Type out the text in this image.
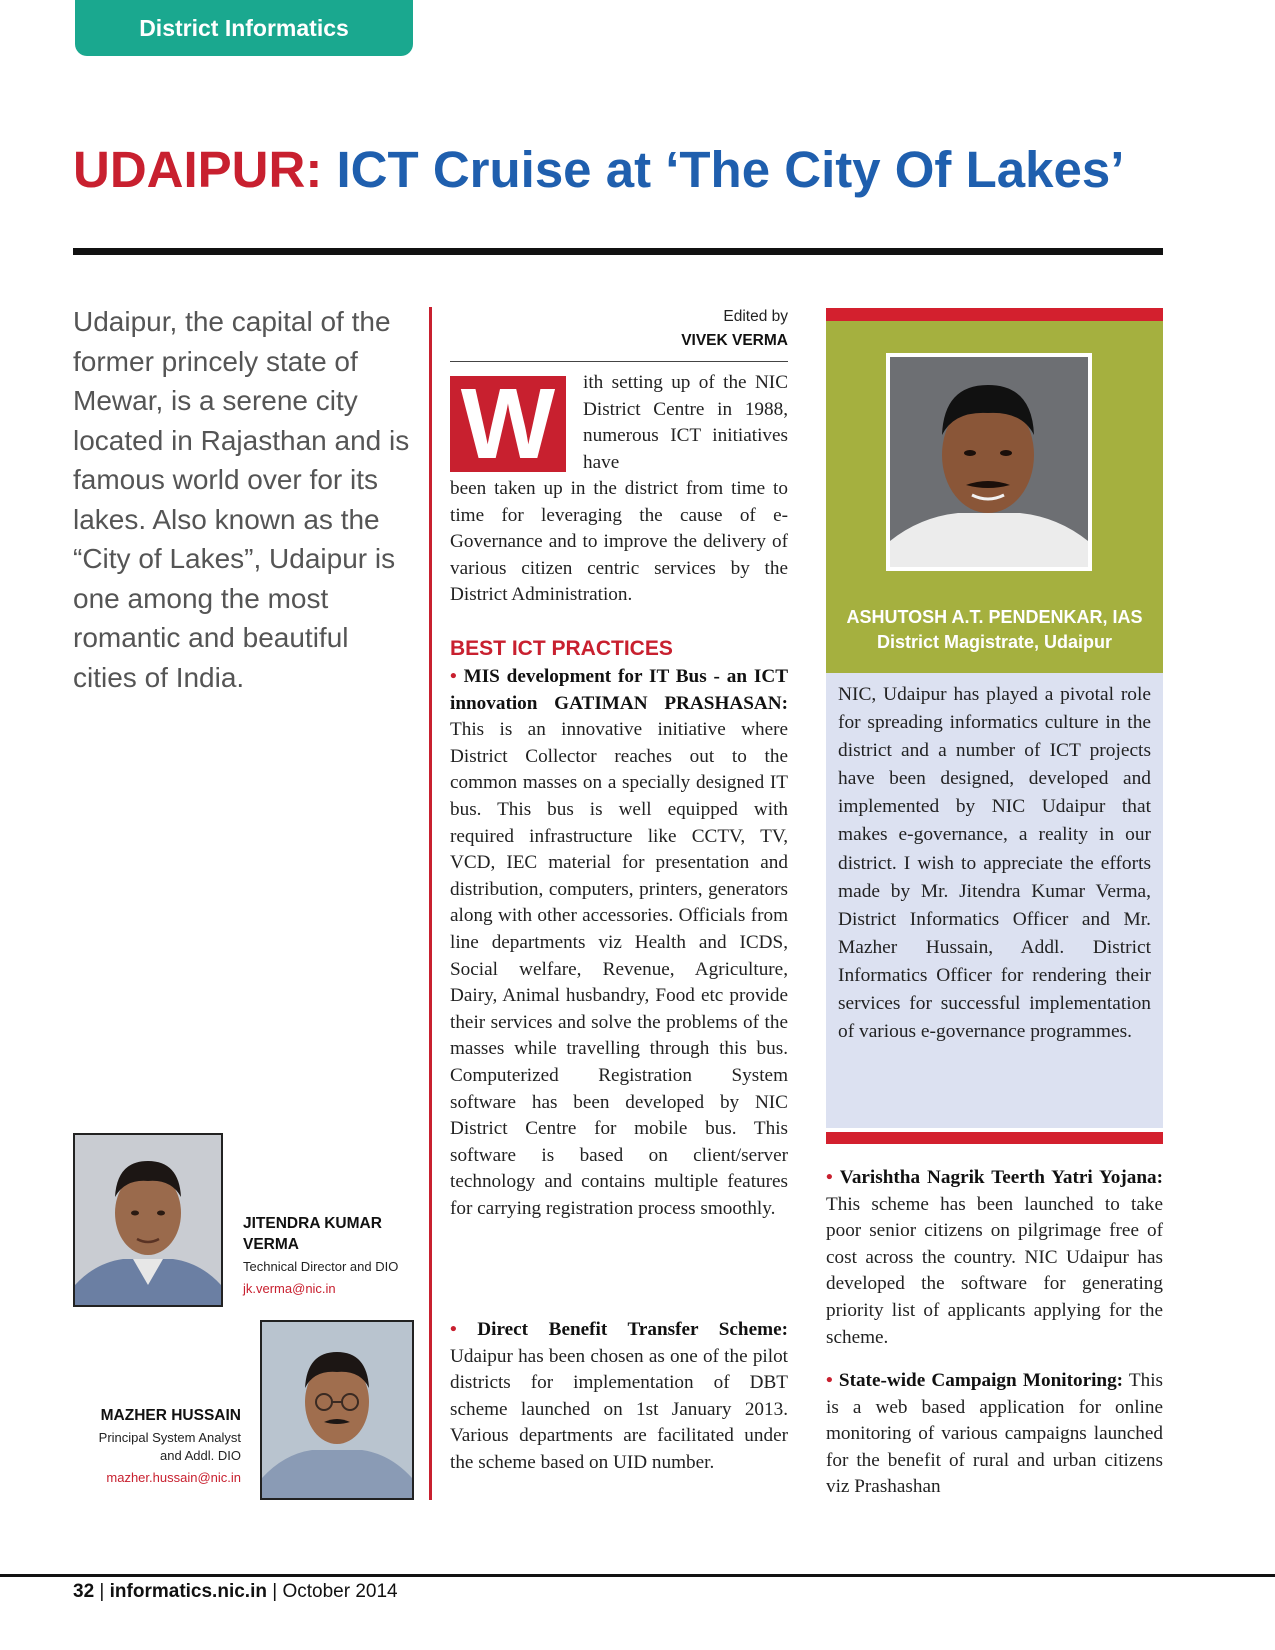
District Informatics
UDAIPUR: ICT Cruise at ‘The City Of Lakes’
Udaipur, the capital of the former princely state of Mewar, is a serene city located in Rajasthan and is famous world over for its lakes. Also known as the “City of Lakes”, Udaipur is one among the most romantic and beautiful cities of India.
JITENDRA KUMAR VERMA
Technical Director and DIO
jk.verma@nic.in
MAZHER HUSSAIN
Principal System Analyst
and Addl. DIO
mazher.hussain@nic.in
Edited by
VIVEK VERMA
W	ith setting up of the NIC District Centre in 1988, numerous ICT initiatives have
been taken up in the district from time to time for leveraging the cause of e-Governance and to improve the delivery of various citizen centric services by the District Administration.
BEST ICT PRACTICES
• MIS development for IT Bus - an ICT innovation GATIMAN PRASHASAN: This is an innovative initiative where District Collector reaches out to the common masses on a specially designed IT bus. This bus is well equipped with required infrastructure like CCTV, TV, VCD, IEC material for presentation and distribution, computers, printers, generators along with other accessories. Officials from line departments viz Health and ICDS, Social welfare, Revenue, Agriculture, Dairy, Animal husbandry, Food etc provide their services and solve the problems of the masses while travelling through this bus. Computerized Registration System software has been developed by NIC District Centre for mobile bus. This software is based on client/server technology and contains multiple features for carrying registration process smoothly.
• Direct Benefit Transfer Scheme: Udaipur has been chosen as one of the pilot districts for implementation of DBT scheme launched on 1st January 2013. Various departments are facilitated under the scheme based on UID number.
ASHUTOSH A.T. PENDENKAR, IAS
District Magistrate, Udaipur
NIC, Udaipur has played a pivotal role for spreading informatics culture in the district and a number of ICT projects have been designed, developed and implemented by NIC Udaipur that makes e-governance, a reality in our district. I wish to appreciate the efforts made by Mr. Jitendra Kumar Verma, District Informatics Officer and Mr. Mazher Hussain, Addl. District Informatics Officer for rendering their services for successful implementation of various e-governance programmes.
• Varishtha Nagrik Teerth Yatri Yojana: This scheme has been launched to take poor senior citizens on pilgrimage free of cost across the country. NIC Udaipur has developed the software for generating priority list of applicants applying for the scheme.
• State-wide Campaign Monitoring: This is a web based application for online monitoring of various campaigns launched for the benefit of rural and urban citizens viz Prashashan
32 | informatics.nic.in | October 2014
